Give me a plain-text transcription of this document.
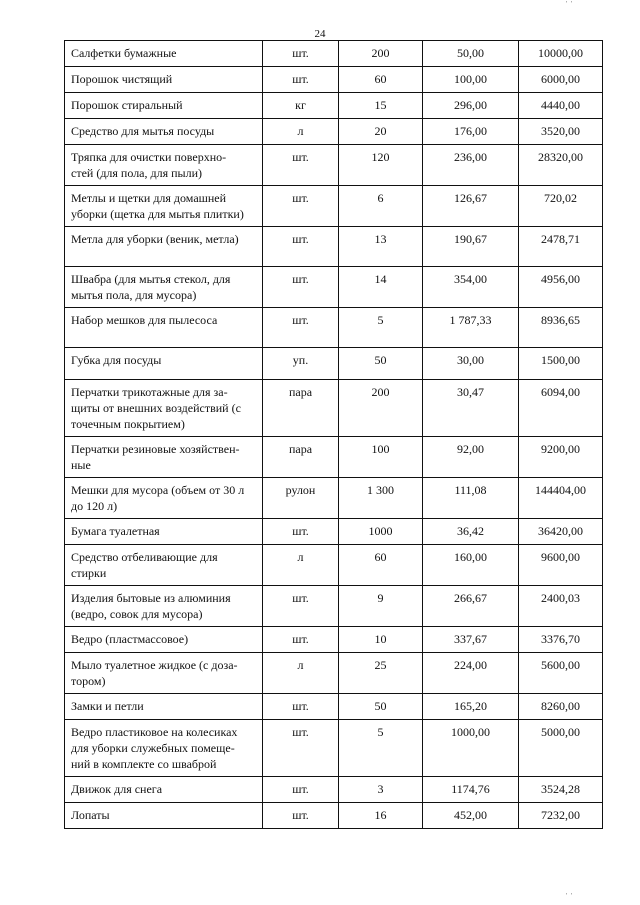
24
' '
Салфетки бумажные	шт.	200	50,00	10000,00
Порошок чистящий	шт.	60	100,00	6000,00
Порошок стиральный	кг	15	296,00	4440,00
Средство для мытья посуды	л	20	176,00	3520,00
Тряпка для очистки поверхно-
стей (для пола, для пыли)	шт.	120	236,00	28320,00
Метлы и щетки для домашней
уборки (щетка для мытья плитки)	шт.	6	126,67	720,02
Метла для уборки (веник, метла)	шт.	13	190,67	2478,71
Швабра (для мытья стекол, для
мытья пола, для мусора)	шт.	14	354,00	4956,00
Набор мешков для пылесоса	шт.	5	1 787,33	8936,65
Губка для посуды	уп.	50	30,00	1500,00
Перчатки трикотажные для за-
щиты от внешних воздействий (с
точечным покрытием)	пара	200	30,47	6094,00
Перчатки резиновые хозяйствен-
ные	пара	100	92,00	9200,00
Мешки для мусора (объем от 30 л
до 120 л)	рулон	1 300	111,08	144404,00
Бумага туалетная	шт.	1000	36,42	36420,00
Средство отбеливающие для
стирки	л	60	160,00	9600,00
Изделия бытовые из алюминия
(ведро, совок для мусора)	шт.	9	266,67	2400,03
Ведро (пластмассовое)	шт.	10	337,67	3376,70
Мыло туалетное жидкое (с доза-
тором)	л	25	224,00	5600,00
Замки и петли	шт.	50	165,20	8260,00
Ведро пластиковое на колесиках
для уборки служебных помеще-
ний в комплекте со шваброй	шт.	5	1000,00	5000,00
Движок для снега	шт.	3	1174,76	3524,28
Лопаты	шт.	16	452,00	7232,00
' '
